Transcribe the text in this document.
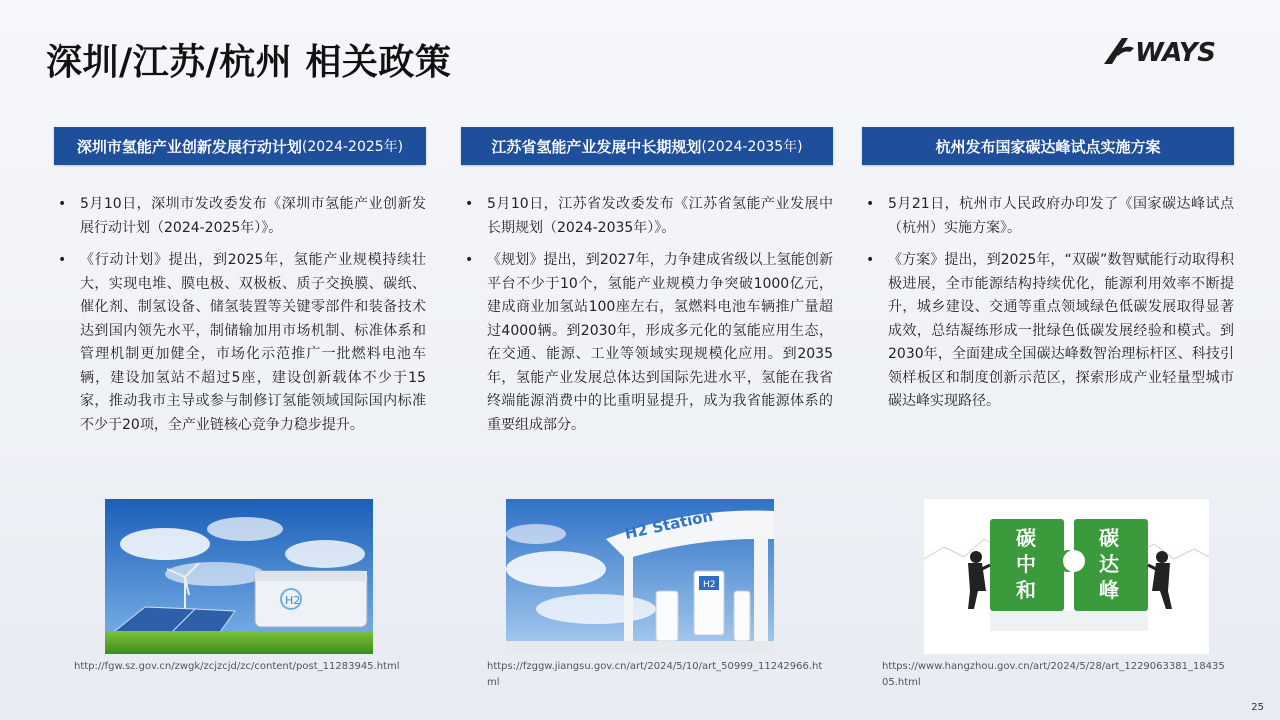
深圳/江苏/杭州 相关政策	WAYS
深圳市氢能产业创新发展行动计划 (2024-2025年)
• 5月10日，深圳市发改委发布《深圳市氢能产业创新发展行动计划（2024-2025年）》。
• 《行动计划》提出，到2025年，氢能产业规模持续壮大，实现电堆、膜电极、双极板、质子交换膜、碳纸、催化剂、制氢设备、储氢装置等关键零部件和装备技术达到国内领先水平，制储输加用市场机制、标准体系和管理机制更加健全，市场化示范推广一批燃料电池车辆，建设加氢站不超过5座，建设创新载体不少于15家，推动我市主导或参与制修订氢能领域国际国内标准不少于20项，全产业链核心竞争力稳步提升。
江苏省氢能产业发展中长期规划 (2024-2035年)
• 5月10日，江苏省发改委发布《江苏省氢能产业发展中长期规划（2024-2035年）》。
• 《规划》提出，到2027年，力争建成省级以上氢能创新平台不少于10个，氢能产业规模力争突破1000亿元，建成商业加氢站100座左右，氢燃料电池车辆推广量超过4000辆。到2030年，形成多元化的氢能应用生态，在交通、能源、工业等领域实现规模化应用。到2035年，氢能产业发展总体达到国际先进水平，氢能在我省终端能源消费中的比重明显提升，成为我省能源体系的重要组成部分。
杭州发布国家碳达峰试点实施方案
• 5月21日，杭州市人民政府办印发了《国家碳达峰试点（杭州）实施方案》。
• 《方案》提出，到2025年，“双碳”数智赋能行动取得积极进展，全市能源结构持续优化，能源利用效率不断提升，城乡建设、交通等重点领域绿色低碳发展取得显著成效，总结凝练形成一批绿色低碳发展经验和模式。到2030年，全面建成全国碳达峰数智治理标杆区、科技引领样板区和制度创新示范区，探索形成产业轻量型城市碳达峰实现路径。
H2
H2 Station
H2
碳
中
和
碳
达
峰
http://fgw.sz.gov.cn/zwgk/zcjzcjd/zc/content/post_11283945.html	https://fzggw.jiangsu.gov.cn/art/2024/5/10/art_50999_11242966.html
https://www.hangzhou.gov.cn/art/2024/5/28/art_1229063381_1843505.html
25
